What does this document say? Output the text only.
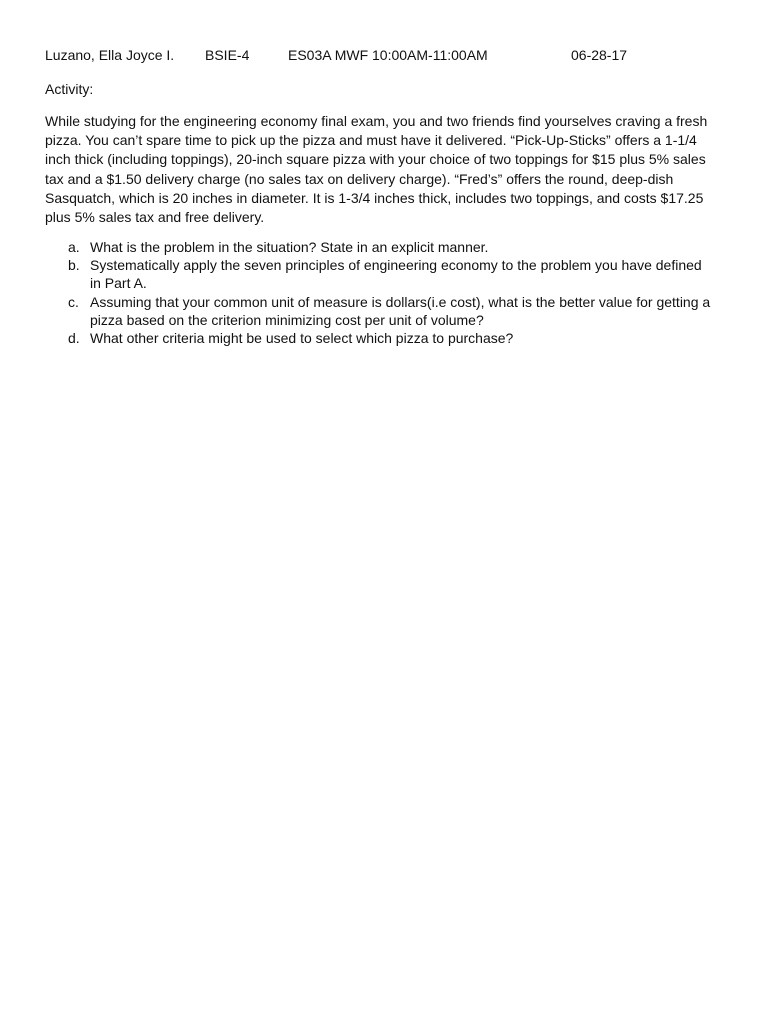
Luzano, Ella Joyce I. BSIE-4	ES03A MWF 10:00AM-11:00AM	06-28-17
Activity:
While studying for the engineering economy final exam, you and two friends find yourselves craving a fresh pizza. You can’t spare time to pick up the pizza and must have it delivered. “Pick-Up-Sticks” offers a 1-1/4 inch thick (including toppings), 20-inch square pizza with your choice of two toppings for $15 plus 5% sales tax and a $1.50 delivery charge (no sales tax on delivery charge). “Fred’s” offers the round, deep-dish Sasquatch, which is 20 inches in diameter. It is 1-3/4 inches thick, includes two toppings, and costs $17.25 plus 5% sales tax and free delivery.
a. What is the problem in the situation? State in an explicit manner.
b. Systematically apply the seven principles of engineering economy to the problem you have defined in Part A.
c. Assuming that your common unit of measure is dollars(i.e cost), what is the better value for getting a pizza based on the criterion minimizing cost per unit of volume?
d. What other criteria might be used to select which pizza to purchase?
